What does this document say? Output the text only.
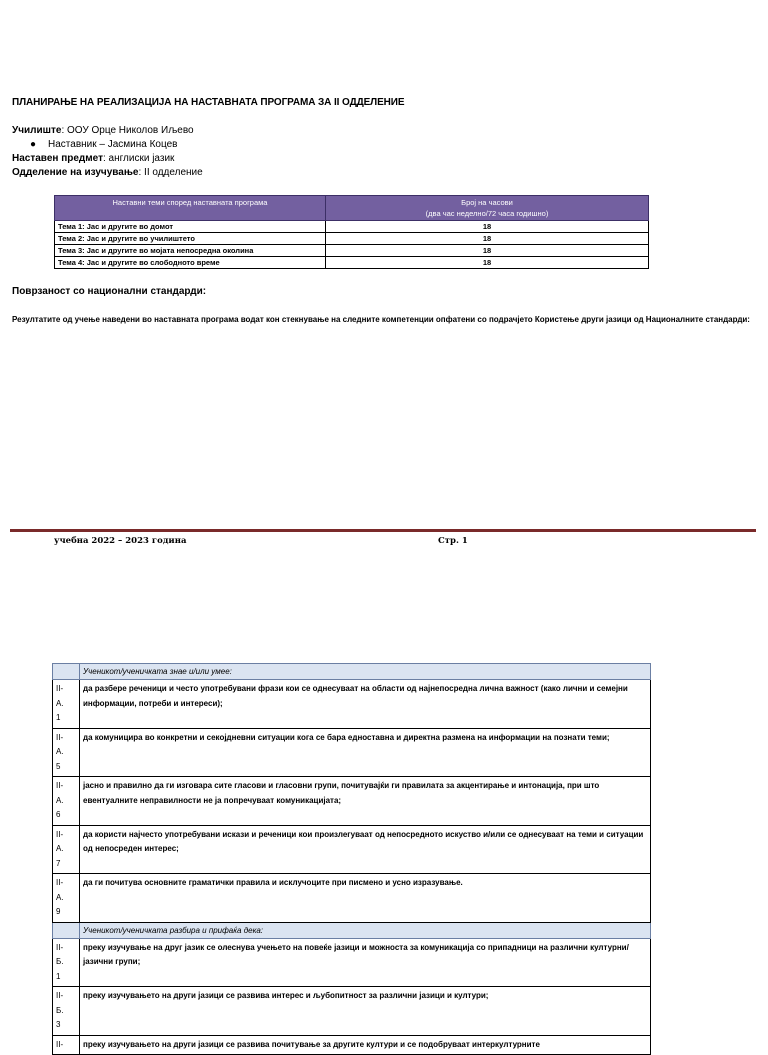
ПЛАНИРАЊЕ НА РЕАЛИЗАЦИЈА НА НАСТАВНАТА ПРОГРАМА ЗА II ОДДЕЛЕНИЕ
Училиште: ООУ Орце Николов Иљево
● Наставник – Јасмина Коцев
Наставен предмет: англиски јазик
Одделение на изучување: II одделение
Наставни теми според наставната програма	Број на часови
(два час неделно/72 часа годишно)
Тема 1: Јас и другите во домот	18
Тема 2: Јас и другите во училиштето	18
Тема 3: Јас и другите во мојата непосредна околина	18
Тема 4: Јас и другите во слободното време	18
Поврзаност со национални стандарди:
Резултатите од учење наведени во наставната програма водат кон стекнување на следните компетенции опфатени со подрачјето Користење други јазици од Националните стандарди:
учебна 2022 – 2023 година	Стр. 1
	Ученикот/ученичката знае и/или умее:

II-
А.
1	да разбере реченици и често употребувани фрази кои се однесуваат на области од најнепосредна лична важност (како лични и семејни информации, потреби и интереси);

II-
А.
5	да комуницира во конкретни и секојдневни ситуации кога се бара едноставна и директна размена на информации на познати теми;

II-
А.
6	јасно и правилно да ги изговара сите гласови и гласовни групи, почитувајќи ги правилата за акцентирање и интонација, при што евентуалните неправилности не ја попречуваат комуникацијата;

II-
А.
7	да користи најчесто употребувани искази и реченици кои произлегуваат од непосредното искуство и/или се однесуваат на теми и ситуации од непосреден интерес;

II-
А.
9	да ги почитува основните граматички правила и исклучоците при писмено и усно изразување.
	Ученикот/ученичката разбира и прифаќа дека:

II-
Б.
1	преку изучување на друг јазик се олеснува учењето на повеќе јазици и можноста за комуникација со припадници на различни културни/јазични групи;

II-
Б.
3	преку изучувањето на други јазици се развива интерес и љубопитност за различни јазици и култури;

II-	преку изучувањето на други јазици се развива почитување за другите култури и се подобруваат интеркултурните
